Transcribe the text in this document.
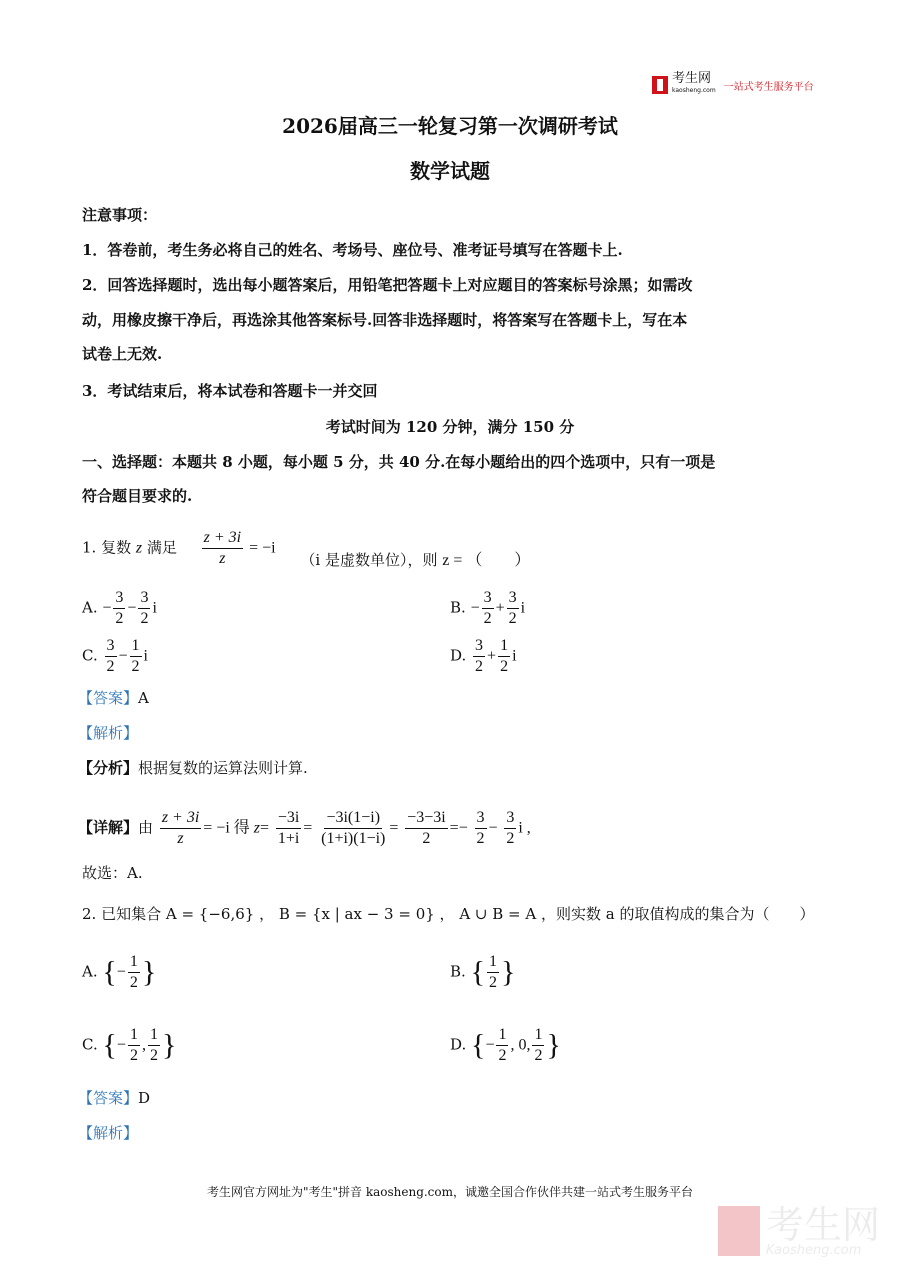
考生网
kaosheng.com 一站式考生服务平台
2026届高三一轮复习第一次调研考试
数学试题
注意事项：
1．答卷前，考生务必将自己的姓名、考场号、座位号、准考证号填写在答题卡上.
2．回答选择题时，选出每小题答案后，用铅笔把答题卡上对应题目的答案标号涂黑；如需改
动，用橡皮擦干净后，再选涂其他答案标号.回答非选择题时，将答案写在答题卡上，写在本
试卷上无效.
3．考试结束后，将本试卷和答题卡一并交回
考试时间为 120 分钟，满分 150 分
一、选择题：本题共 8 小题，每小题 5 分，共 40 分.在每小题给出的四个选项中，只有一项是
符合题目要求的.
1. 复数 z 满足 $\frac{z + 3i}{z} = -i$ （i 是虚数单位），则 z = （　　）
A. − $\frac{3}{2} - \frac{3}{2}$ i	B. − $\frac{3}{2} + \frac{3}{2}$ i
C. $\frac{3}{2} - \frac{1}{2}$ i	D. $\frac{3}{2} + \frac{1}{2}$ i
【答案】A
【解析】
【分析】根据复数的运算法则计算.
【详解】由 $\frac{z + 3i}{z} = -i$ 得 $z= \frac{-3i}{1+i} = \frac{-3i(1-i)}{(1+i)(1-i)} = \frac{-3-3i}{2} =- \frac{3}{2} - \frac{3}{2}$ i ,
故选：A.
2. 已知集合 A = {−6,6} ， B = {x | ax − 3 = 0} ， A ∪ B = A ，则实数 a 的取值构成的集合为（　　）
A. {− $\frac{1}{2}$ }	B. { $\frac{1}{2}$ }
C. {− $\frac{1}{2}$ , $\frac{1}{2}$ }	D. {− $\frac{1}{2}$ , 0, $\frac{1}{2}$ }
【答案】D
【解析】
考生网官方网址为"考生"拼音 kaosheng.com，诚邀全国合作伙伴共建一站式考生服务平台
考生网
Kaosheng.com
